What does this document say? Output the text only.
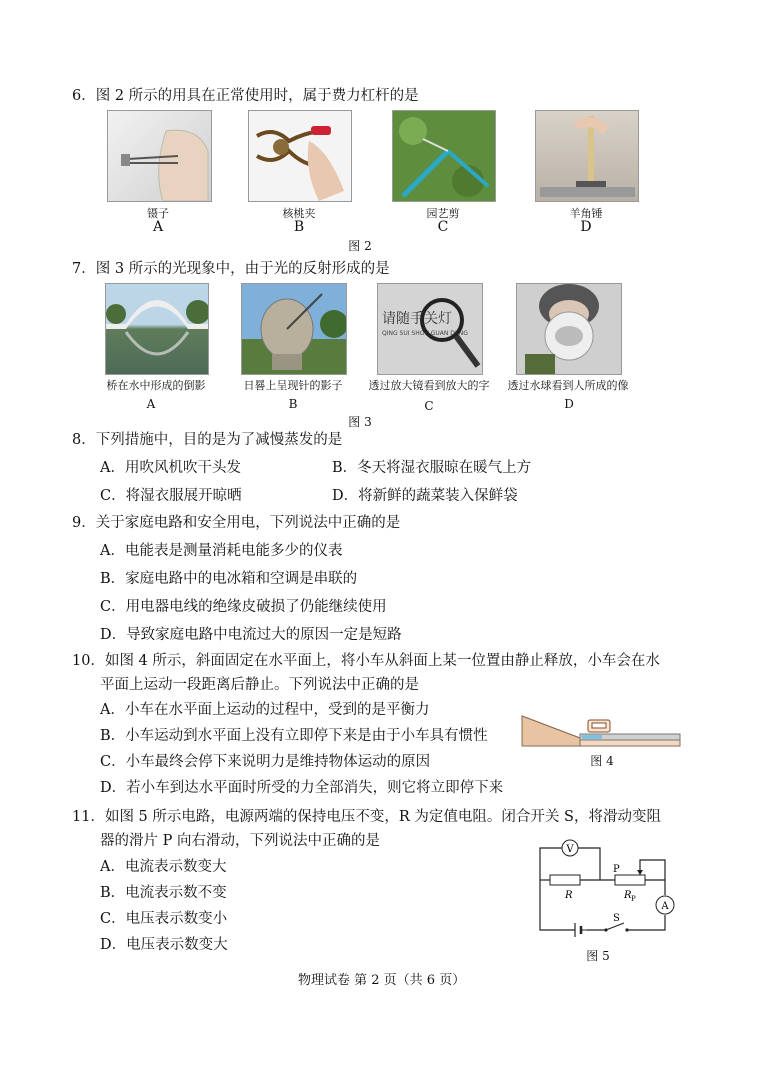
6．图 2 所示的用具在正常使用时，属于费力杠杆的是
镊子	核桃夹	园艺剪	羊角锤
A	B	C	D
图 2
7．图 3 所示的光现象中，由于光的反射形成的是
请随手关灯
QING SUI SHOU GUAN DENG
桥在水中形成的倒影	日晷上呈现针的影子	透过放大镜看到放大的字	透过水球看到人所成的像
A	B	C	D
图 3
8．下列措施中，目的是为了减慢蒸发的是
A．用吹风机吹干头发	B．冬天将湿衣服晾在暖气上方
C．将湿衣服展开晾晒	D．将新鲜的蔬菜装入保鲜袋
9．关于家庭电路和安全用电，下列说法中正确的是
A．电能表是测量消耗电能多少的仪表
B．家庭电路中的电冰箱和空调是串联的
C．用电器电线的绝缘皮破损了仍能继续使用
D．导致家庭电路中电流过大的原因一定是短路
10．如图 4 所示，斜面固定在水平面上，将小车从斜面上某一位置由静止释放，小车会在水
平面上运动一段距离后静止。下列说法中正确的是
A．小车在水平面上运动的过程中，受到的是平衡力
B．小车运动到水平面上没有立即停下来是由于小车具有惯性
C．小车最终会停下来说明力是维持物体运动的原因
D．若小车到达水平面时所受的力全部消失，则它将立即停下来
图 4
11．如图 5 所示电路，电源两端的保持电压不变，R 为定值电阻。闭合开关 S，将滑动变阻
器的滑片 P 向右滑动，下列说法中正确的是
A．电流表示数变大
B．电流表示数不变
C．电压表示数变小
D．电压表示数变大
V
A
R	R P
P
S
图 5
物理试卷 第 2 页（共 6 页）
